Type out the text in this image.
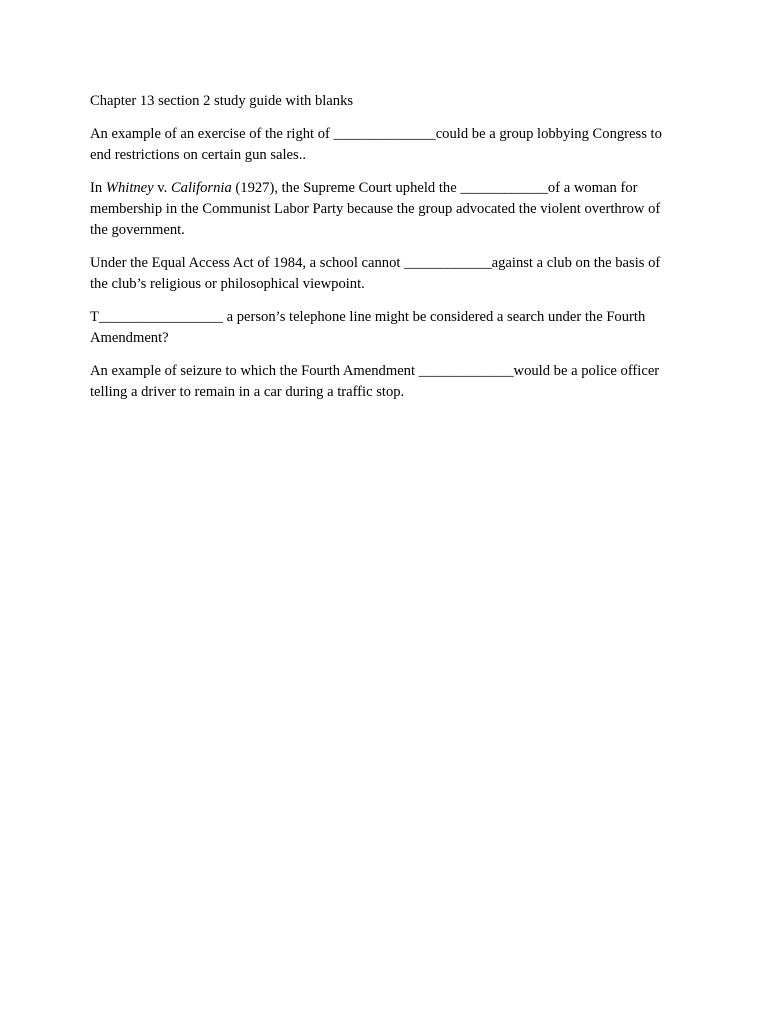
Chapter 13 section 2 study guide with blanks

An example of an exercise of the right of ______________could be a group lobbying Congress to end restrictions on certain gun sales..

In Whitney v. California (1927), the Supreme Court upheld the ____________of a woman for membership in the Communist Labor Party because the group advocated the violent overthrow of the government.

Under the Equal Access Act of 1984, a school cannot ____________against a club on the basis of the club’s religious or philosophical viewpoint.

T_________________ a person’s telephone line might be considered a search under the Fourth Amendment?

An example of seizure to which the Fourth Amendment _____________would be a police officer telling a driver to remain in a car during a traffic stop.
